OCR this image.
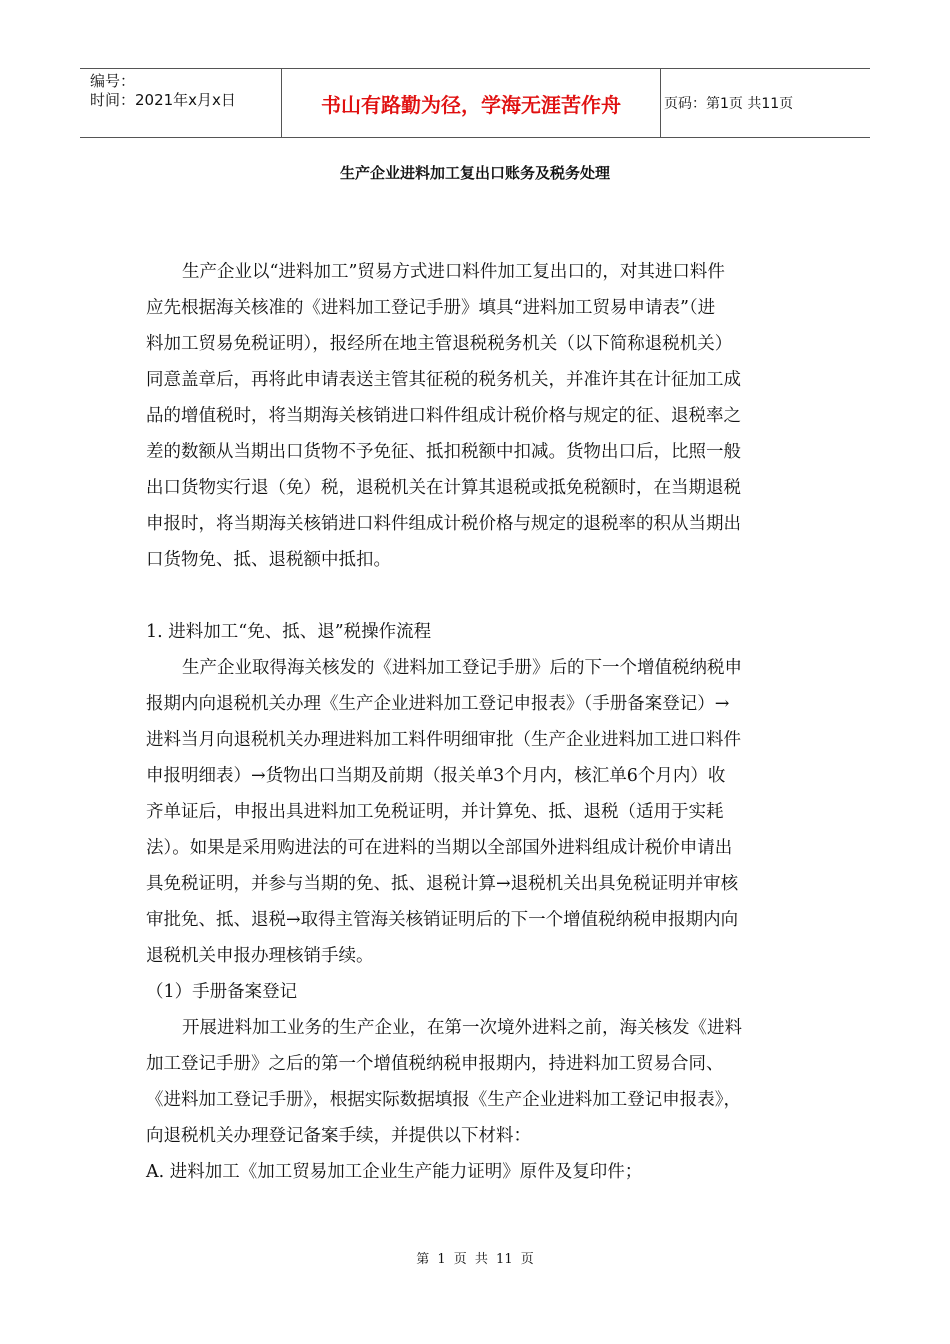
编号：
时间：2021年x月x日	书山有路勤为径，学海无涯苦作舟	页码：第1页 共11页
生产企业进料加工复出口账务及税务处理
生产企业以“进料加工”贸易方式进口料件加工复出口的，对其进口料件
应先根据海关核准的《进料加工登记手册》填具“进料加工贸易申请表”（进
料加工贸易免税证明），报经所在地主管退税税务机关（以下简称退税机关）
同意盖章后，再将此申请表送主管其征税的税务机关，并准许其在计征加工成
品的增值税时，将当期海关核销进口料件组成计税价格与规定的征、退税率之
差的数额从当期出口货物不予免征、抵扣税额中扣减。货物出口后，比照一般
出口货物实行退（免）税，退税机关在计算其退税或抵免税额时，在当期退税
申报时，将当期海关核销进口料件组成计税价格与规定的退税率的积从当期出
口货物免、抵、退税额中抵扣。
1. 进料加工“免、抵、退”税操作流程
生产企业取得海关核发的《进料加工登记手册》后的下一个增值税纳税申
报期内向退税机关办理《生产企业进料加工登记申报表》（手册备案登记）→
进料当月向退税机关办理进料加工料件明细审批（生产企业进料加工进口料件
申报明细表）→货物出口当期及前期（报关单3个月内，核汇单6个月内）收
齐单证后，申报出具进料加工免税证明，并计算免、抵、退税（适用于实耗
法）。如果是采用购进法的可在进料的当期以全部国外进料组成计税价申请出
具免税证明，并参与当期的免、抵、退税计算→退税机关出具免税证明并审核
审批免、抵、退税→取得主管海关核销证明后的下一个增值税纳税申报期内向
退税机关申报办理核销手续。
（1）手册备案登记
开展进料加工业务的生产企业，在第一次境外进料之前，海关核发《进料
加工登记手册》之后的第一个增值税纳税申报期内，持进料加工贸易合同、
《进料加工登记手册》，根据实际数据填报《生产企业进料加工登记申报表》，
向退税机关办理登记备案手续，并提供以下材料：
A. 进料加工《加工贸易加工企业生产能力证明》原件及复印件；
第 1 页 共 11 页
